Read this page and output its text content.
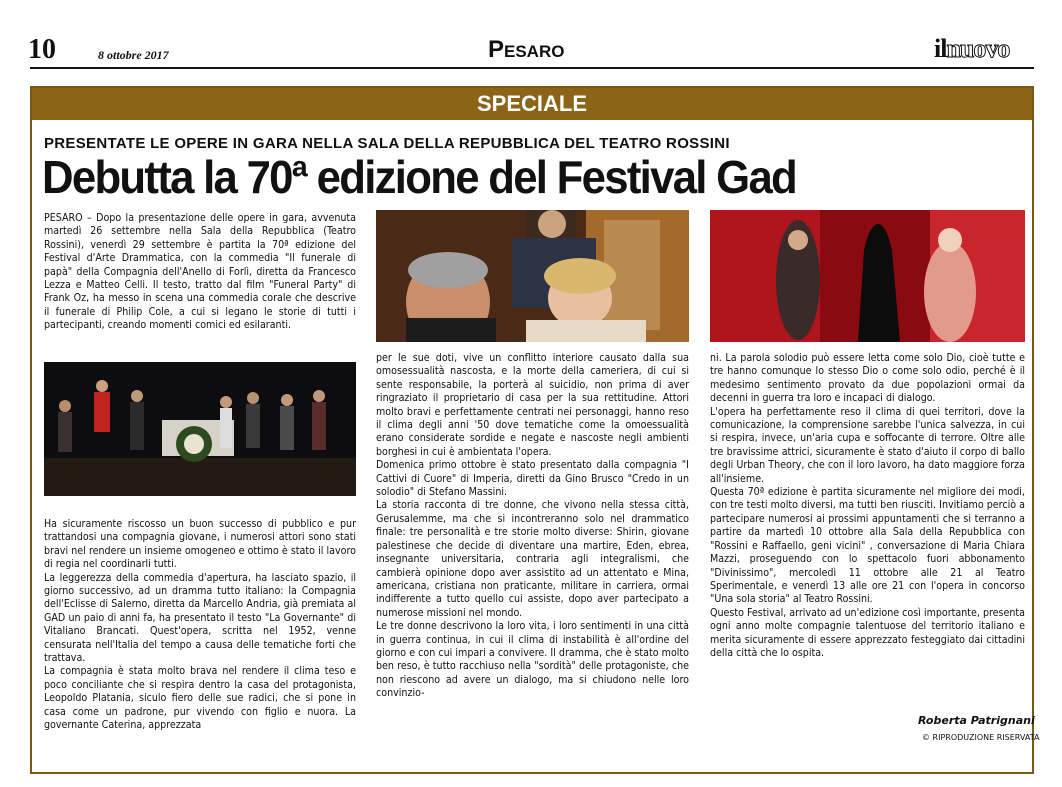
10	8 ottobre 2017	Pesaro	ilnuovo
SPECIALE
PRESENTATE LE OPERE IN GARA NELLA SALA DELLA REPUBBLICA DEL TEATRO ROSSINI
Debutta la 70ª edizione del Festival Gad

PESARO – Dopo la presentazione delle opere in gara, avvenuta martedì 26 settembre nella Sala della Repubblica (Teatro Rossini), venerdì 29 settembre è partita la 70ª edizione del Festival d'Arte Drammatica, con la commedia "Il funerale di papà" della Compagnia dell'Anello di Forlì, diretta da Francesco Lezza e Matteo Celli. Il testo, tratto dal film "Funeral Party" di Frank Oz, ha messo in scena una commedia corale che descrive il funerale di Philip Cole, a cui si legano le storie di tutti i partecipanti, creando momenti comici ed esilaranti.

Ha sicuramente riscosso un buon successo di pubblico e pur trattandosi una compagnia giovane, i numerosi attori sono stati bravi nel rendere un insieme omogeneo e ottimo è stato il lavoro di regia nel coordinarli tutti.
La leggerezza della commedia d'apertura, ha lasciato spazio, il giorno successivo, ad un dramma tutto italiano: la Compagnia dell'Eclisse di Salerno, diretta da Marcello Andria, già premiata al GAD un paio di anni fa, ha presentato il testo "La Governante" di Vitaliano Brancati. Quest'opera, scritta nel 1952, venne censurata nell'Italia del tempo a causa delle tematiche forti che trattava.
La compagnia è stata molto brava nel rendere il clima teso e poco conciliante che si respira dentro la casa del protagonista, Leopoldo Platania, siculo fiero delle sue radici, che si pone in casa come un padrone, pur vivendo con figlio e nuora. La governante Caterina, apprezzata

per le sue doti, vive un conflitto interiore causato dalla sua omosessualità nascosta, e la morte della cameriera, di cui si sente responsabile, la porterà al suicidio, non prima di aver ringraziato il proprietario di casa per la sua rettitudine. Attori molto bravi e perfettamente centrati nei personaggi, hanno reso il clima degli anni '50 dove tematiche come la omoessualità erano considerate sordide e negate e nascoste negli ambienti borghesi in cui è ambientata l'opera.
Domenica primo ottobre è stato presentato dalla compagnia "I Cattivi di Cuore" di Imperia, diretti da Gino Brusco "Credo in un solodio" di Stefano Massini.
La storia racconta di tre donne, che vivono nella stessa città, Gerusalemme, ma che si incontreranno solo nel drammatico finale: tre personalità e tre storie molto diverse: Shirin, giovane palestinese che decide di diventare una martire, Eden, ebrea, insegnante universitaria, contraria agli integralismi, che cambierà opinione dopo aver assistito ad un attentato e Mina, americana, cristiana non praticante, militare in carriera, ormai indifferente a tutto quello cui assiste, dopo aver partecipato a numerose missioni nel mondo.
Le tre donne descrivono la loro vita, i loro sentimenti in una città in guerra continua, in cui il clima di instabilità è all'ordine del giorno e con cui impari a convivere. Il dramma, che è stato molto ben reso, è tutto racchiuso nella "sordità" delle protagoniste, che non riescono ad avere un dialogo, ma si chiudono nelle loro convinzio-

ni. La parola solodio può essere letta come solo Dio, cioè tutte e tre hanno comunque lo stesso Dio o come solo odio, perché è il medesimo sentimento provato da due popolazioni ormai da decenni in guerra tra loro e incapaci di dialogo.
L'opera ha perfettamente reso il clima di quei territori, dove la comunicazione, la comprensione sarebbe l'unica salvezza, in cui si respira, invece, un'aria cupa e soffocante di terrore. Oltre alle tre bravissime attrici, sicuramente è stato d'aiuto il corpo di ballo degli Urban Theory, che con il loro lavoro, ha dato maggiore forza all'insieme.
Questa 70ª edizione è partita sicuramente nel migliore dei modi, con tre testi molto diversi, ma tutti ben riusciti. Invitiamo perciò a partecipare numerosi ai prossimi appuntamenti che si terranno a partire da martedì 10 ottobre alla Sala della Repubblica con "Rossini e Raffaello, geni vicini" , conversazione di Maria Chiara Mazzi, proseguendo con lo spettacolo fuori abbonamento "Divinissimo", mercoledì 11 ottobre alle 21 al Teatro Sperimentale, e venerdì 13 alle ore 21 con l'opera in concorso "Una sola storia" al Teatro Rossini.
Questo Festival, arrivato ad un'edizione così importante, presenta ogni anno molte compagnie talentuose del territorio italiano e merita sicuramente di essere apprezzato festeggiato dai cittadini della città che lo ospita.

Roberta Patrignani
© RIPRODUZIONE RISERVATA
